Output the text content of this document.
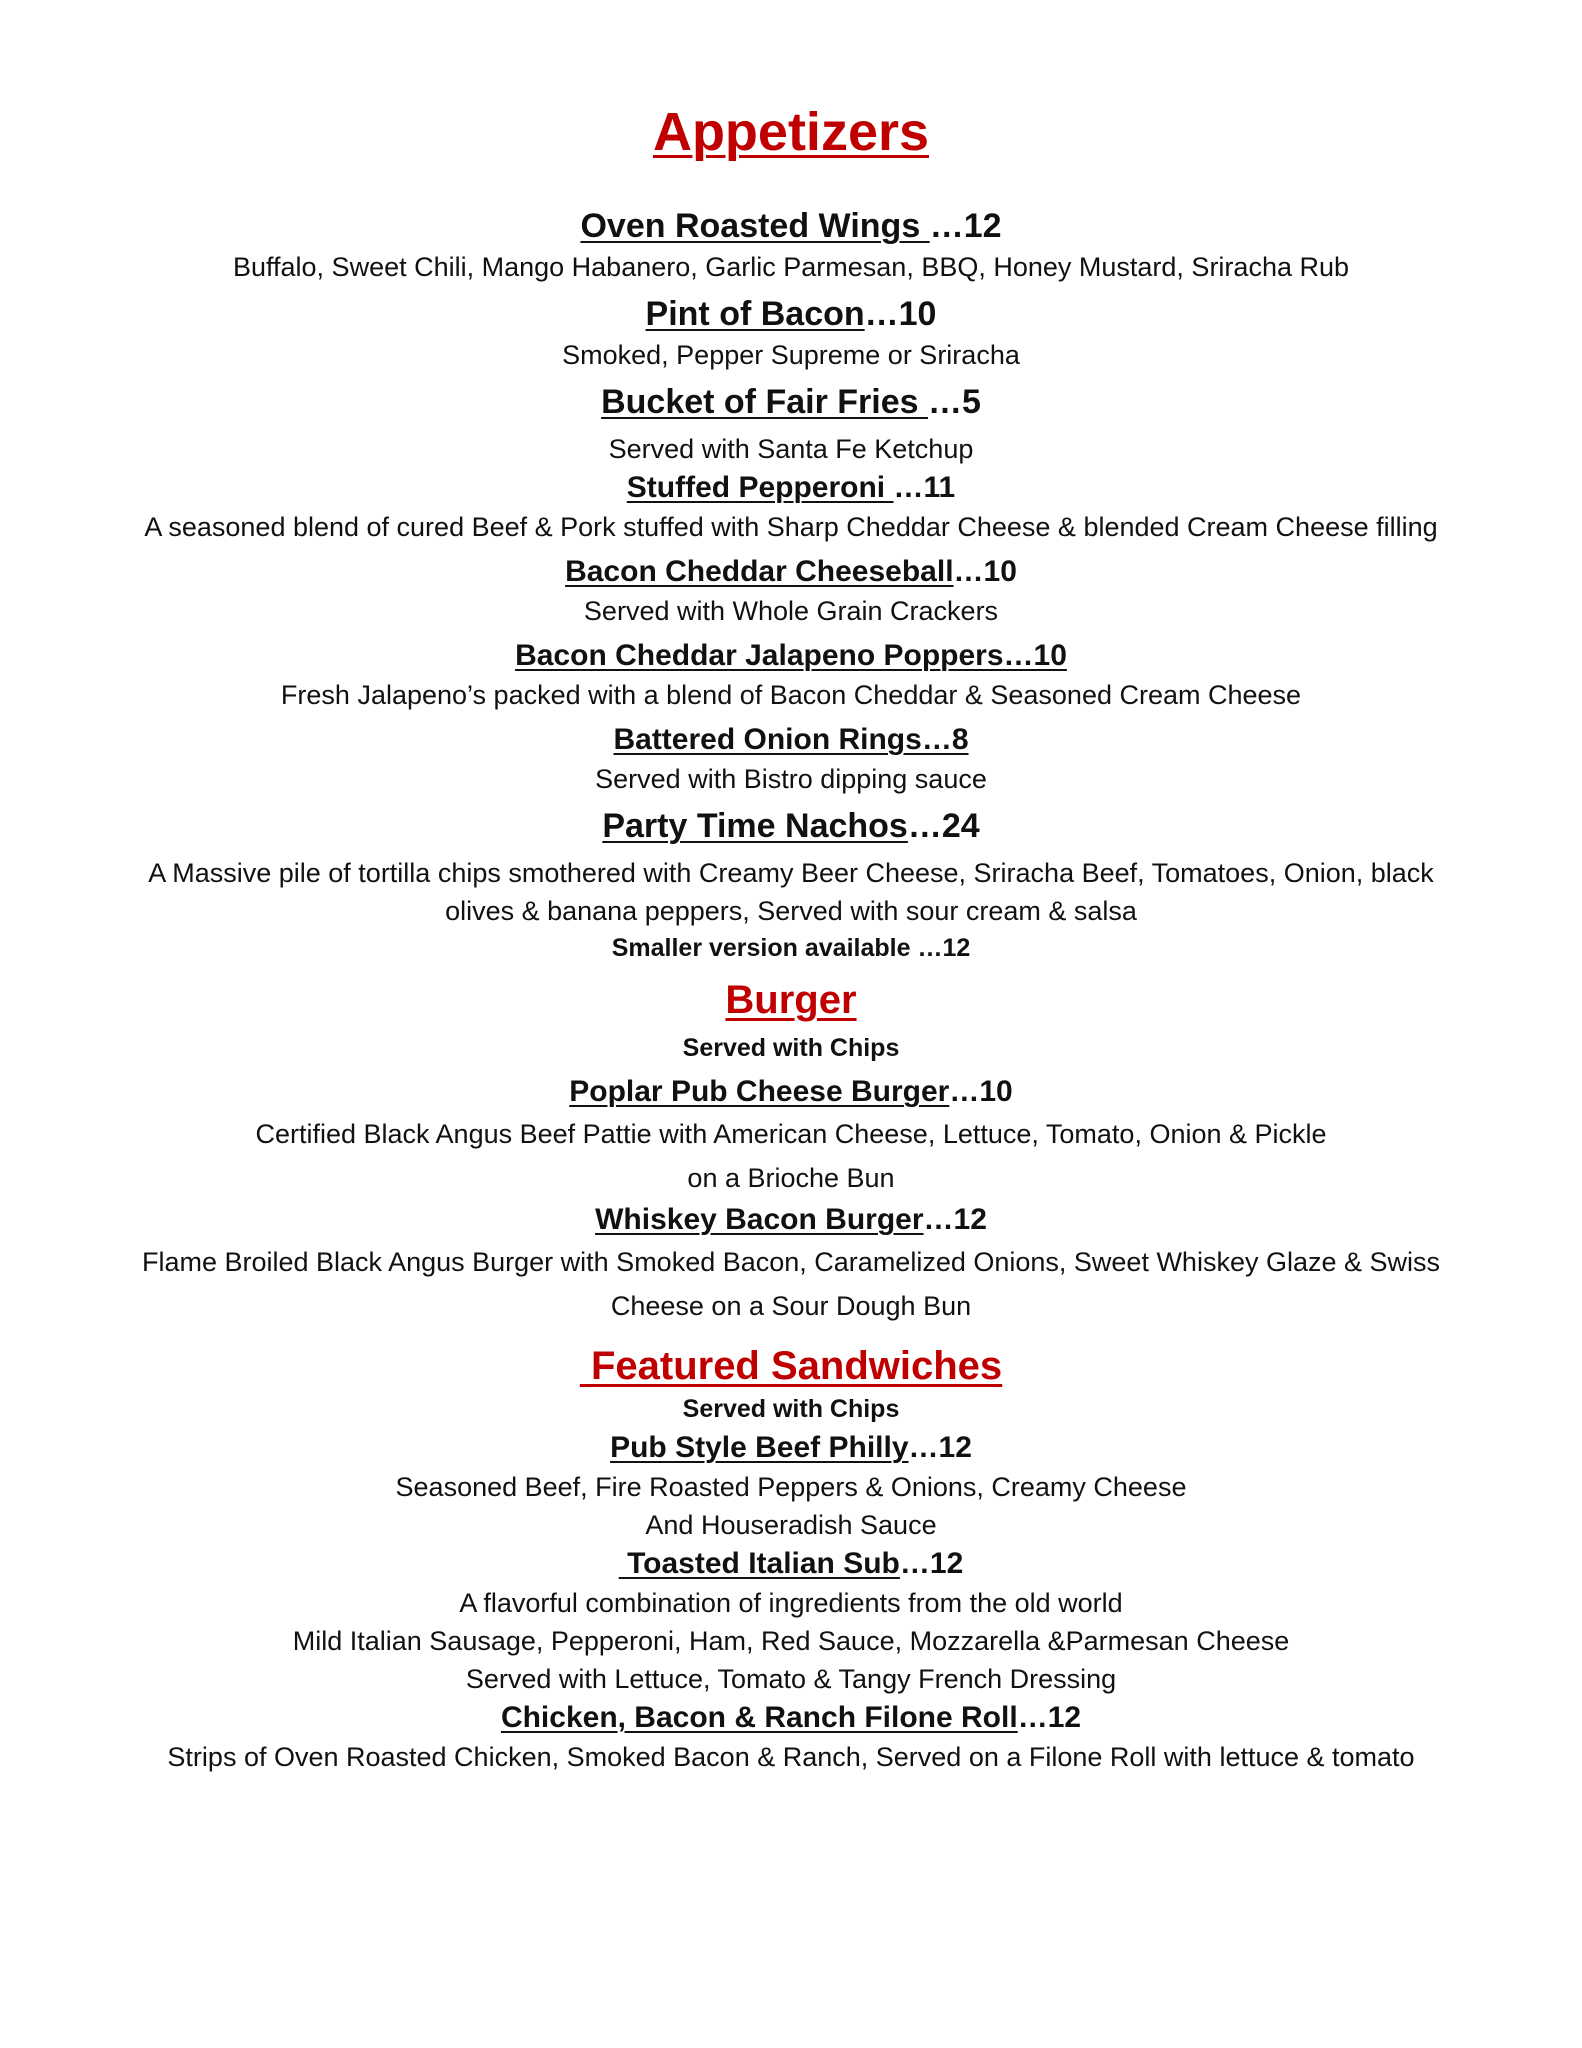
Appetizers

Oven Roasted Wings …12

Buffalo, Sweet Chili, Mango Habanero, Garlic Parmesan, BBQ, Honey Mustard, Sriracha Rub

Pint of Bacon…10

Smoked, Pepper Supreme or Sriracha

Bucket of Fair Fries …5

Served with Santa Fe Ketchup

Stuffed Pepperoni …11

A seasoned blend of cured Beef & Pork stuffed with Sharp Cheddar Cheese & blended Cream Cheese filling

Bacon Cheddar Cheeseball…10

Served with Whole Grain Crackers

Bacon Cheddar Jalapeno Poppers…10

Fresh Jalapeno’s packed with a blend of Bacon Cheddar & Seasoned Cream Cheese

Battered Onion Rings…8

Served with Bistro dipping sauce

Party Time Nachos…24

A Massive pile of tortilla chips smothered with Creamy Beer Cheese, Sriracha Beef, Tomatoes, Onion, black

olives & banana peppers, Served with sour cream & salsa

Smaller version available …12

Burger

Served with Chips

Poplar Pub Cheese Burger…10

Certified Black Angus Beef Pattie with American Cheese, Lettuce, Tomato, Onion & Pickle

on a Brioche Bun

Whiskey Bacon Burger…12

Flame Broiled Black Angus Burger with Smoked Bacon, Caramelized Onions, Sweet Whiskey Glaze & Swiss

Cheese on a Sour Dough Bun

Featured Sandwiches

Served with Chips

Pub Style Beef Philly…12

Seasoned Beef, Fire Roasted Peppers & Onions, Creamy Cheese

And Houseradish Sauce

Toasted Italian Sub…12

A flavorful combination of ingredients from the old world

Mild Italian Sausage, Pepperoni, Ham, Red Sauce, Mozzarella &Parmesan Cheese

Served with Lettuce, Tomato & Tangy French Dressing

Chicken, Bacon & Ranch Filone Roll…12

Strips of Oven Roasted Chicken, Smoked Bacon & Ranch, Served on a Filone Roll with lettuce & tomato
